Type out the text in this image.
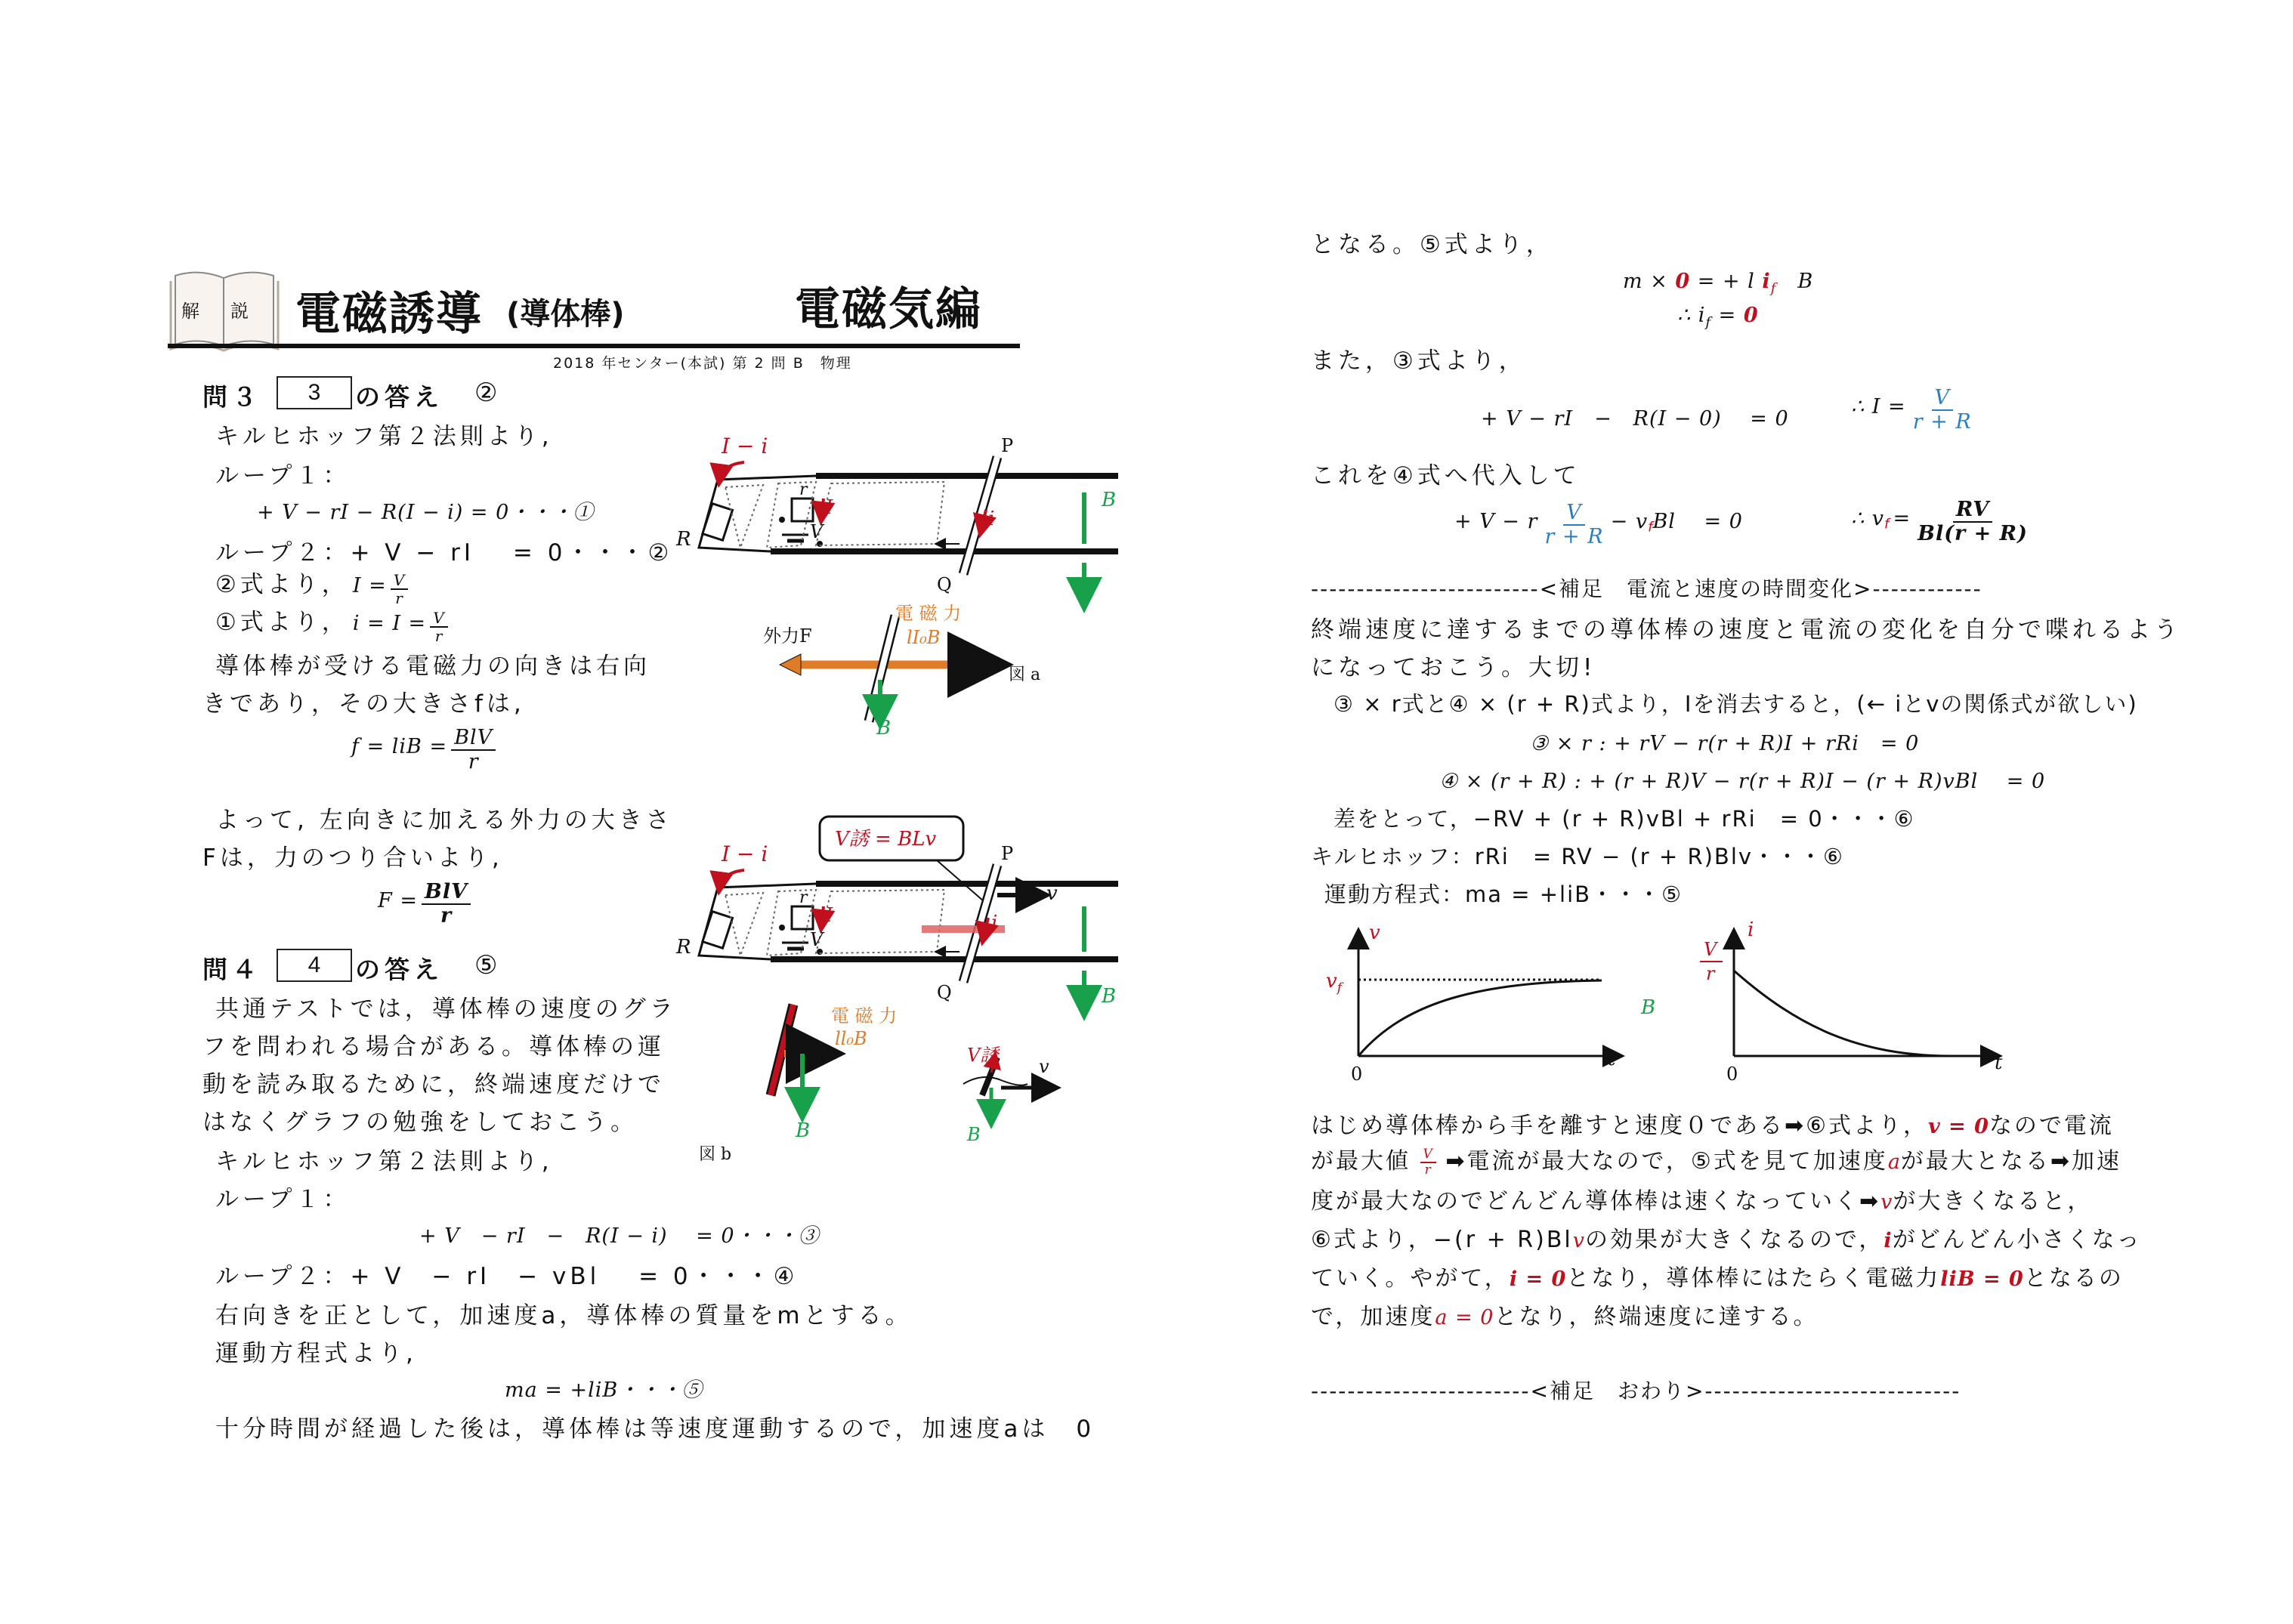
解 説 電磁誘導 (導体棒)	電磁気編
2018 年センター(本試) 第 2 問 B　物理
問３	3	の答え ②
キルヒホッフ第２法則より,
ループ１：
+ V − rI − R(I − i) = 0・・・①
ループ２：+ V − rI　 = 0・・・②
②式より， $I = \frac{V}{r}$
①式より， $i = I = \frac{V}{r}$
導体棒が受ける電磁力の向きは右向
きであり，その大きさfは,
f = liB = $\frac{\text{BlV}}{r}$
よって, 左向きに加える外力の大きさ
Fは，力のつり合いより,
$F = \frac{\text{BlV}}{r}$
問４	4	の答え ⑤
共通テストでは，導体棒の速度のグラ
フを問われる場合がある。導体棒の運
動を読み取るために，終端速度だけで
はなくグラフの勉強をしておこう。
キルヒホッフ第２法則より,
ループ１：
+ V　− rI　−　R(I − i)　 = 0・・・③
ループ２：+ V　− rI　− vBl　 = 0・・・④
右向きを正として，加速度a，導体棒の質量をmとする。
運動方程式より,
ma = +liB・・・⑤
十分時間が経過した後は，導体棒は等速度運動するので，加速度aは　0
I − i	P
Q
R
r
V
I	i
B
外力F
電 磁 力
lI₀B
B
図 a
V誘 = BLv
I − i	P
Q
R
r
V
I	i
v
B
電 磁 力
ll₀B
B
図 b
V誘
v
B
となる。⑤式より，
m × 0 = + l $i_f$　 B
∴ $i_f = 0$
また，③式より，
+ V − rI　−　R(I − 0)　 = 0
∴ $I = \frac{V}{r + R}$
これを④式へ代入して
+ V − r $\frac{V}{r + R} - v_fBl$　 = 0	∴ $v_f = \frac{RV}{Bl(r + R)}$
-------------------------<補足　電流と速度の時間変化>------------
終端速度に達するまでの導体棒の速度と電流の変化を自分で喋れるよう
になっておこう。大切!
③ × r式と④ × (r + R)式より，Iを消去すると，(← iとvの関係式が欲しい)
③ × r : + rV − r(r + R)I + rRi　= 0
④ × (r + R) : + (r + R)V − r(r + R)I − (r + R)vBl　 = 0
差をとって，−RV + (r + R)vBl + rRi　= 0・・・⑥
キルヒホッフ：rRi　= RV − (r + R)Blv・・・⑥
運動方程式：ma = +liB・・・⑤
v
$v_f$
0
t
B
i
V
r
0	t
はじめ導体棒から手を離すと速度０である➡⑥式より，v = 0なので電流
が最大値 $\frac{V}{r}$ ➡電流が最大なので，⑤式を見て加速度aが最大となる➡加速
度が最大なのでどんどん導体棒は速くなっていく➡vが大きくなると，
⑥式より，−(r + R)Blvの効果が大きくなるので，iがどんどん小さくなっ
ていく。やがて，i = 0となり，導体棒にはたらく電磁力liB = 0となるの
で，加速度a = 0となり，終端速度に達する。
------------------------<補足　おわり>----------------------------
